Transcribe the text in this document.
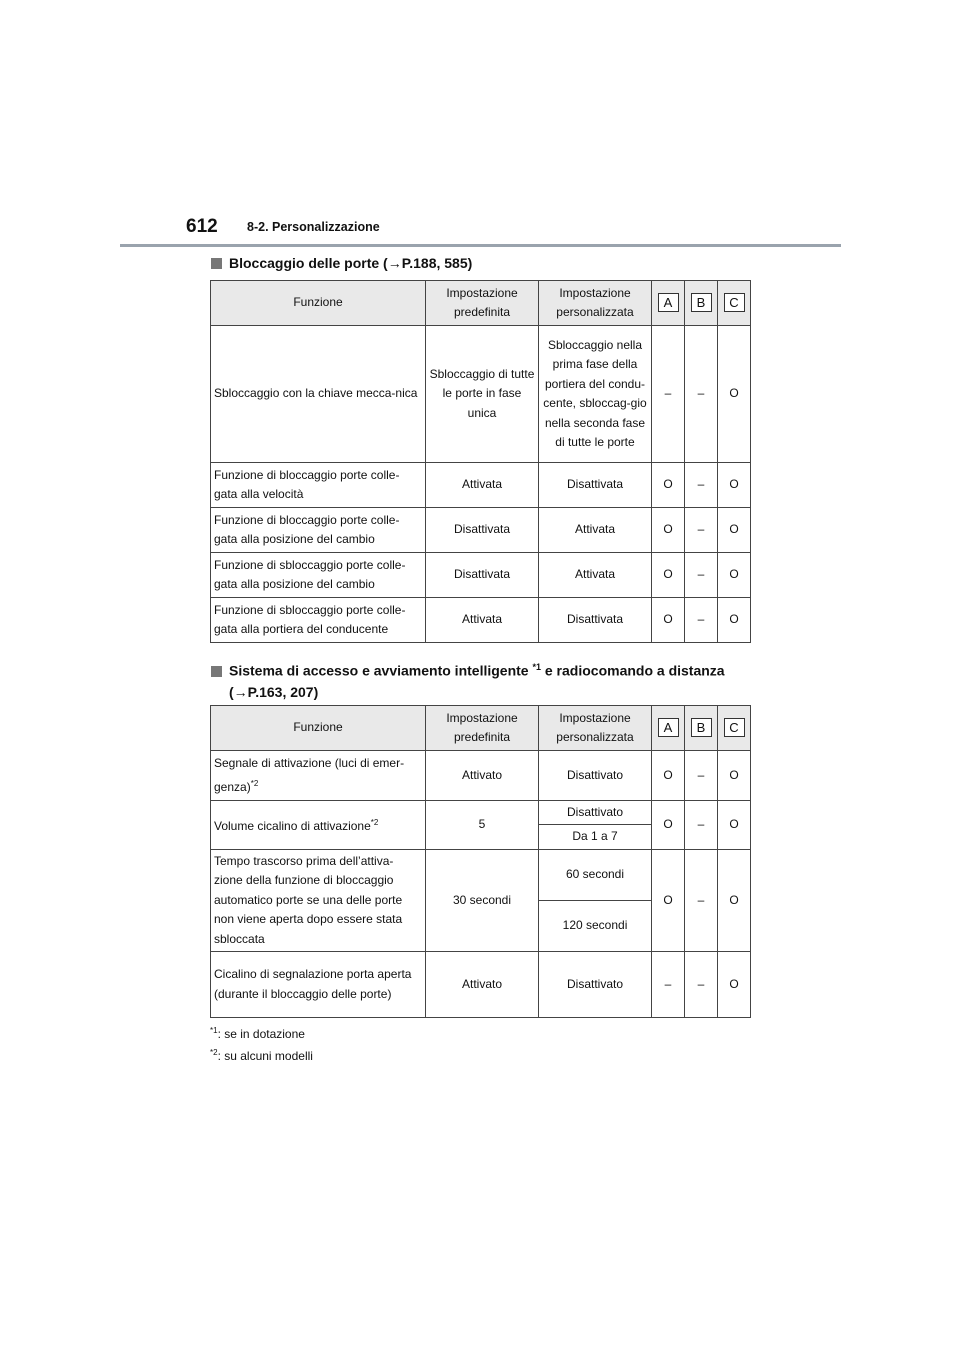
612 8-2. Personalizzazione
Bloccaggio delle porte (→P.188, 585)
Funzione	Impostazione predefinita	Impostazione personalizzata	A	B	C
Sbloccaggio con la chiave mecca-nica	Sbloccaggio di tutte le porte in fase unica	Sbloccaggio nella prima fase della portiera del condu-cente, sbloccag-gio nella seconda fase di tutte le porte	–	–	O
Funzione di bloccaggio porte colle-gata alla velocità	Attivata	Disattivata	O	–	O
Funzione di bloccaggio porte colle-gata alla posizione del cambio	Disattivata	Attivata	O	–	O
Funzione di sbloccaggio porte colle-gata alla posizione del cambio	Disattivata	Attivata	O	–	O
Funzione di sbloccaggio porte colle-gata alla portiera del conducente	Attivata	Disattivata	O	–	O
Sistema di accesso e avviamento intelligente $^{*1}$ e radiocomando a distanza
(→P.163, 207)
Funzione	Impostazione predefinita	Impostazione personalizzata	A	B	C
Segnale di attivazione (luci di emer-genza)$^{*2}$	Attivato	Disattivato	O	–	O
Volume cicalino di attivazione$^{*2}$	5	Disattivato	O	–	O
		Da 1 a 7			
Tempo trascorso prima dell’attiva-zione della funzione di bloccaggio automatico porte se una delle porte non viene aperta dopo essere stata sbloccata	30 secondi	60 secondi	O	–	O
		120 secondi			
Cicalino di segnalazione porta aperta (durante il bloccaggio delle porte)	Attivato	Disattivato	–	–	O
$^{*1}$: se in dotazione
$^{*2}$: su alcuni modelli
